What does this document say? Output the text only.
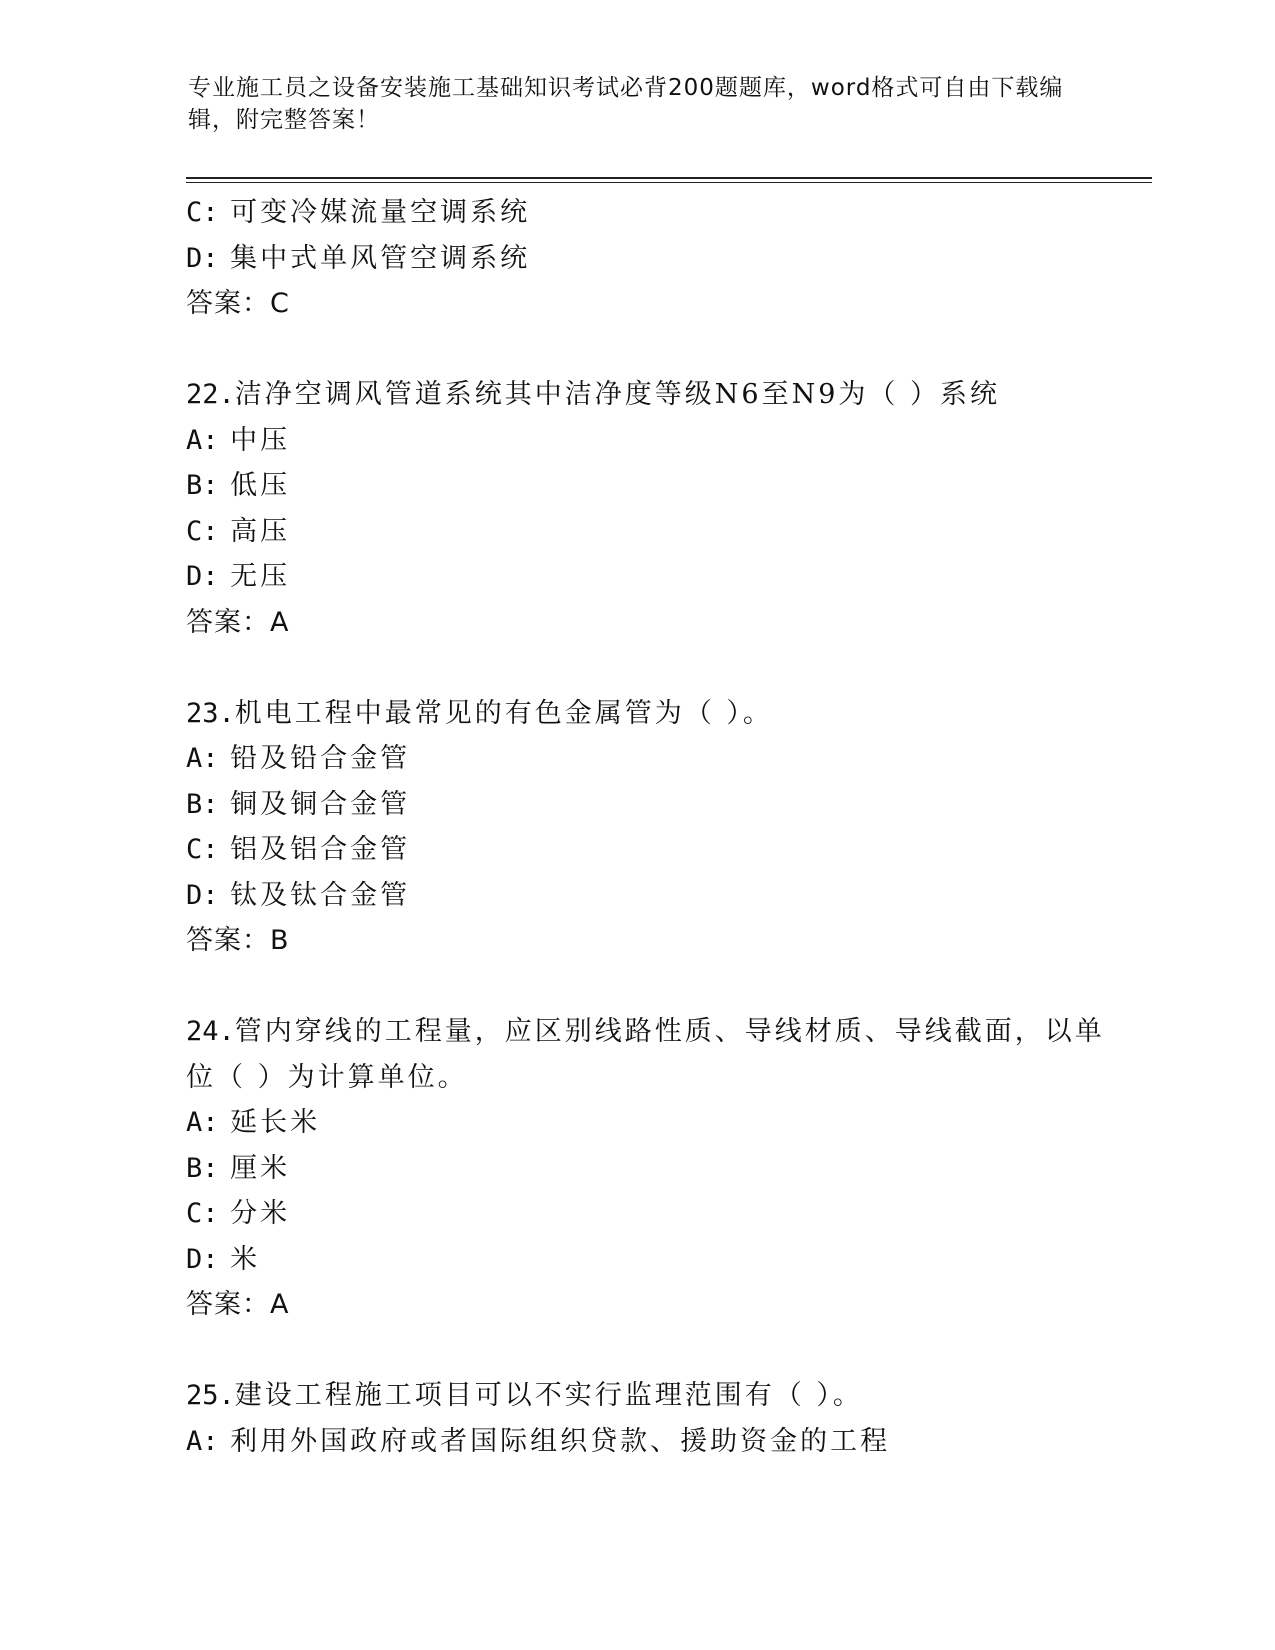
专业施工员之设备安装施工基础知识考试必背200题题库，word格式可自由下载编辑，附完整答案！
C: 可变冷媒流量空调系统
D: 集中式单风管空调系统
答案：C
22.洁净空调风管道系统其中洁净度等级N6至N9为（ ）系统
A: 中压
B: 低压
C: 高压
D: 无压
答案：A
23.机电工程中最常见的有色金属管为（ ）。
A: 铅及铅合金管
B: 铜及铜合金管
C: 铝及铝合金管
D: 钛及钛合金管
答案：B
24.管内穿线的工程量，应区别线路性质、导线材质、导线截面，以单
位（ ）为计算单位。
A: 延长米
B: 厘米
C: 分米
D: 米
答案：A
25.建设工程施工项目可以不实行监理范围有（ ）。
A: 利用外国政府或者国际组织贷款、援助资金的工程
